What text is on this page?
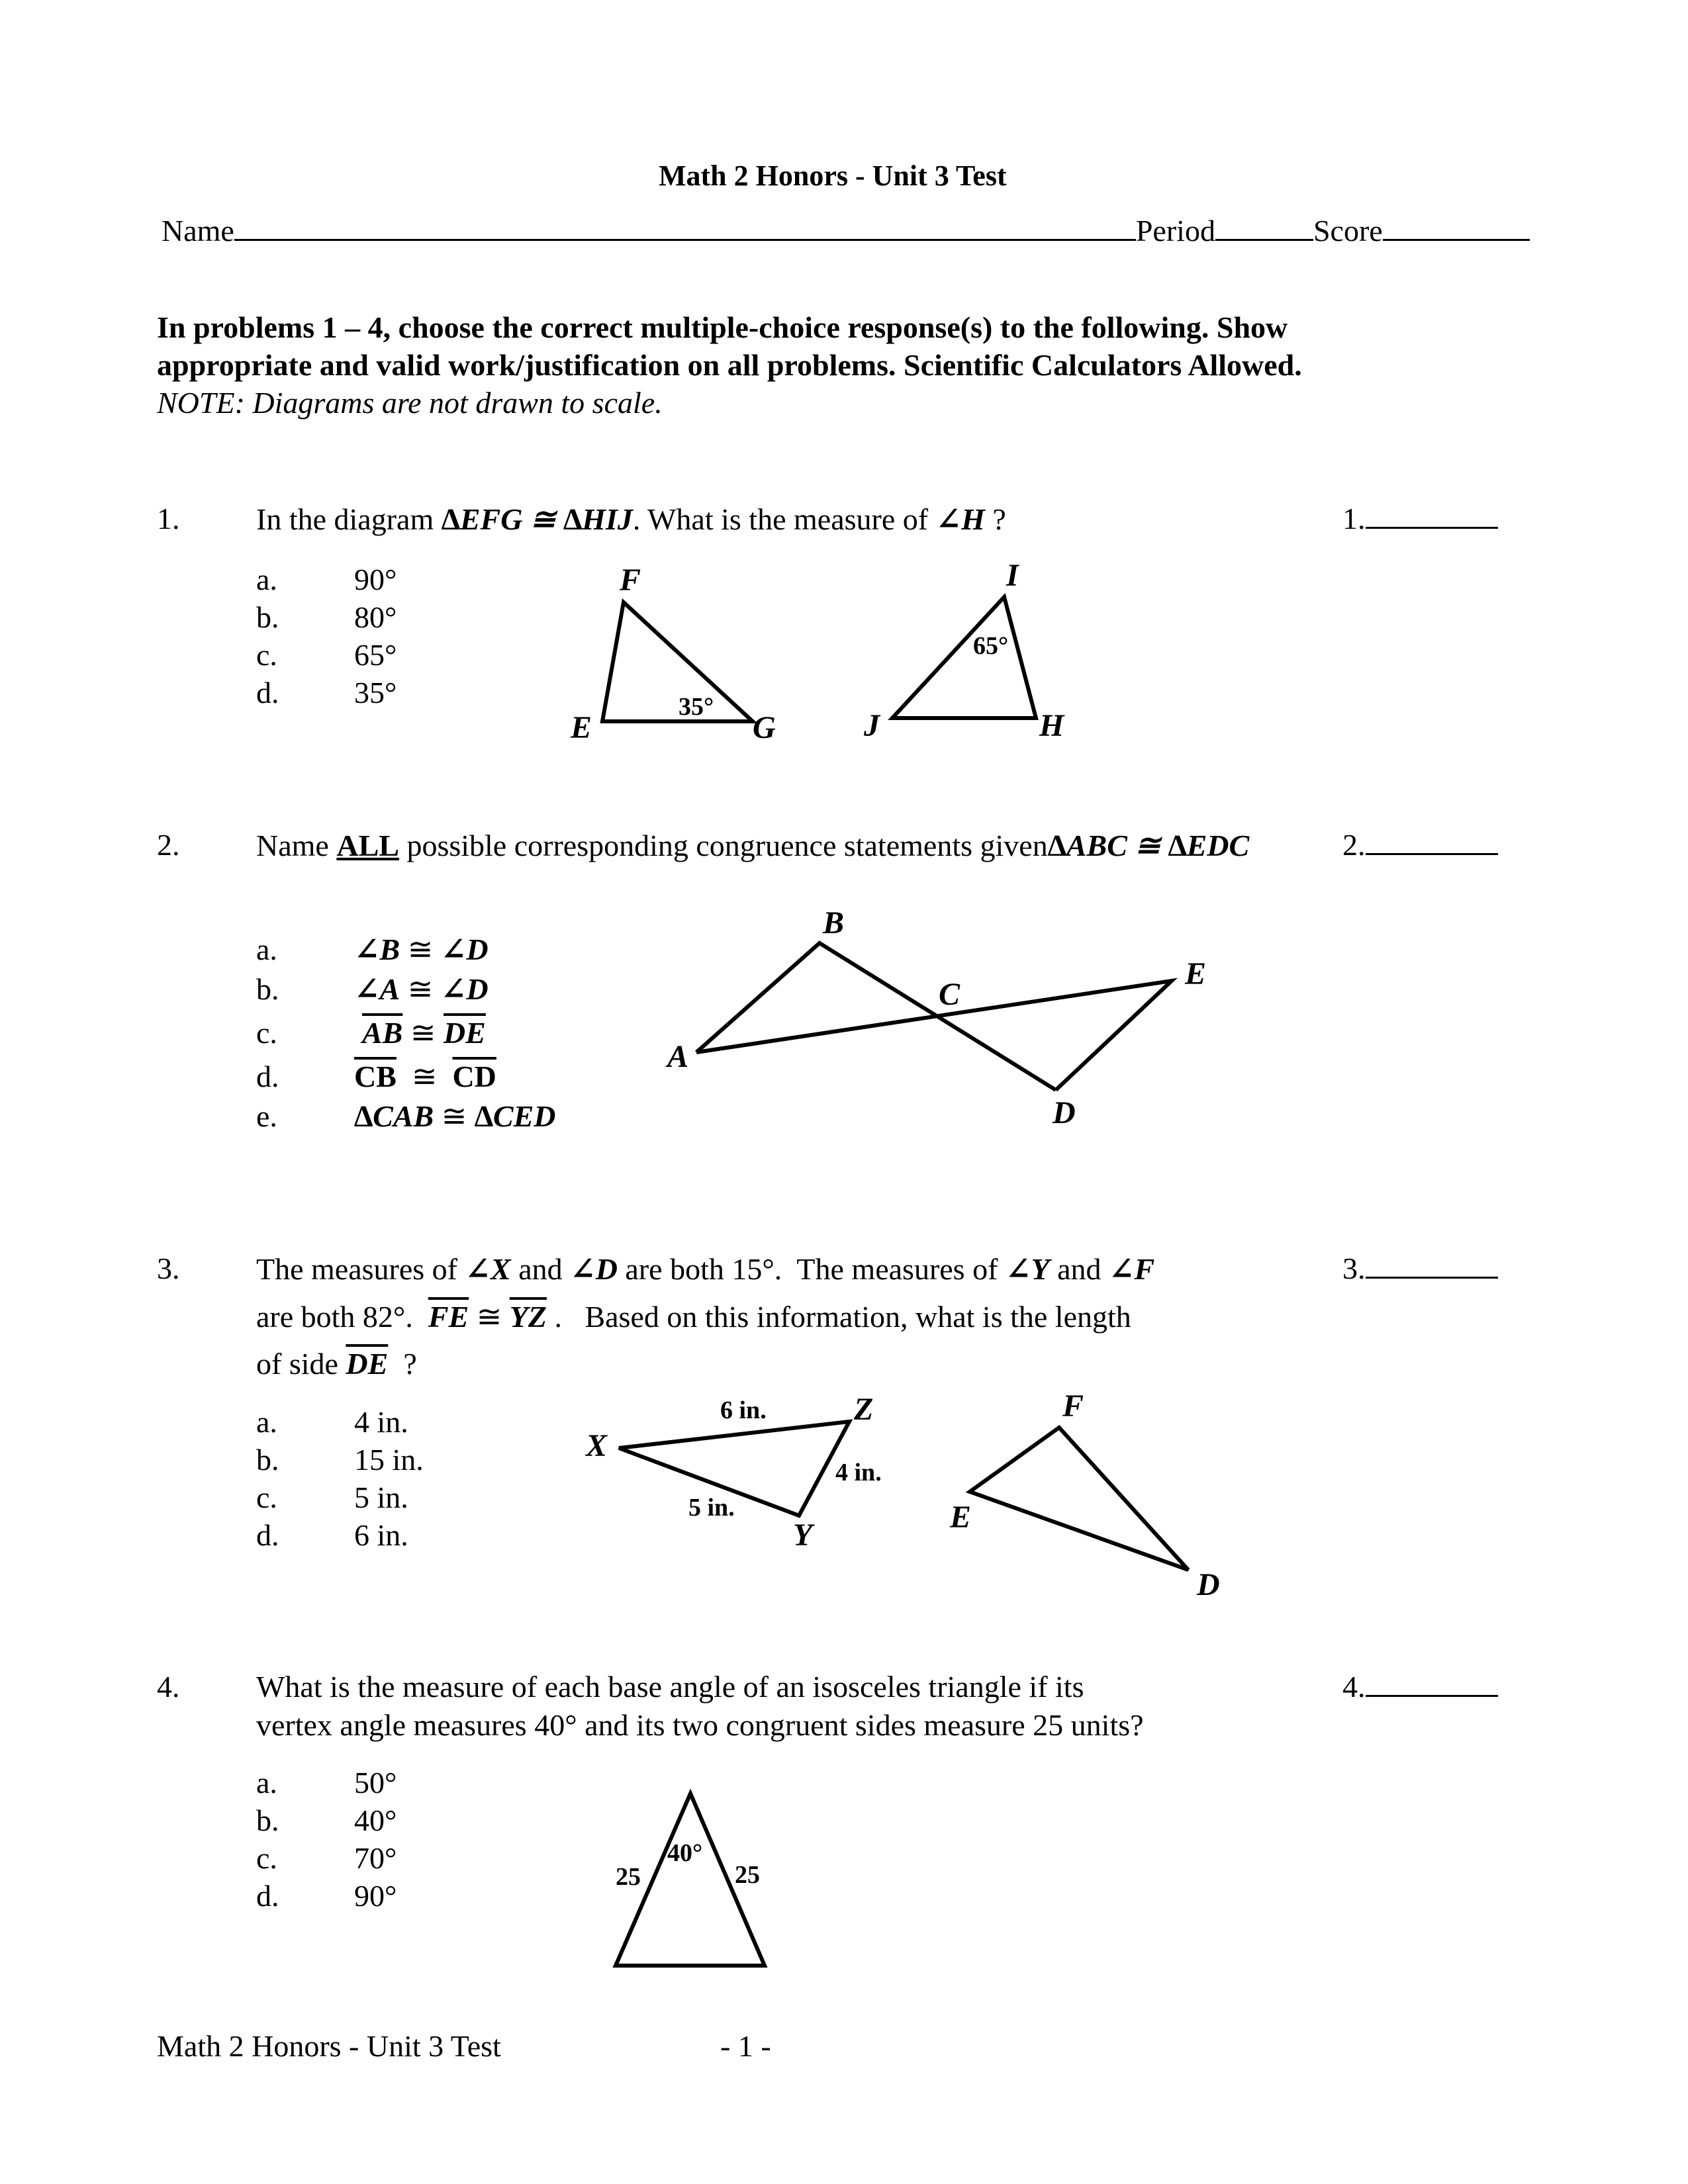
Math 2 Honors - Unit 3 Test
Name	Period	Score
In problems 1 – 4, choose the correct multiple-choice response(s) to the following. Show
appropriate and valid work/justification on all problems. Scientific Calculators Allowed.
NOTE: Diagrams are not drawn to scale.
1.	In the diagram ∆EFG ≅ ∆HIJ. What is the measure of ∠H ?	1.
a.	90°
b. 80°
c.	65°
d. 35°
F
E	G
35°
I
J	H
65°
2.	Name ALL possible corresponding congruence statements given∆ABC ≅ ∆EDC	2.
a.	∠B ≅ ∠D
b. ∠A ≅ ∠D
c.	$\overline{AB}$ ≅ $\overline{DE}$
d. $\overline{CB}$  ≅  $\overline{CD}$
e.	∆CAB ≅ ∆CED
B
A
C
D
E
3.	The measures of ∠X and ∠D are both 15°.  The measures of ∠Y and ∠F
are both 82°.  $\overline{FE}$ ≅ $\overline{YZ}$ .   Based on this information, what is the length
of side $\overline{DE}$  ?
3.
a.	4 in.
b. 15 in.
c.	5 in.
d. 6 in.
X
Z
Y
6 in.
4 in.
5 in.
F
E
D
4.	What is the measure of each base angle of an isosceles triangle if its
vertex angle measures 40° and its two congruent sides measure 25 units?
4.
a.	50°
b. 40°
c.	70°
d. 90°
40°
25	25
Math 2 Honors - Unit 3 Test	- 1 -
